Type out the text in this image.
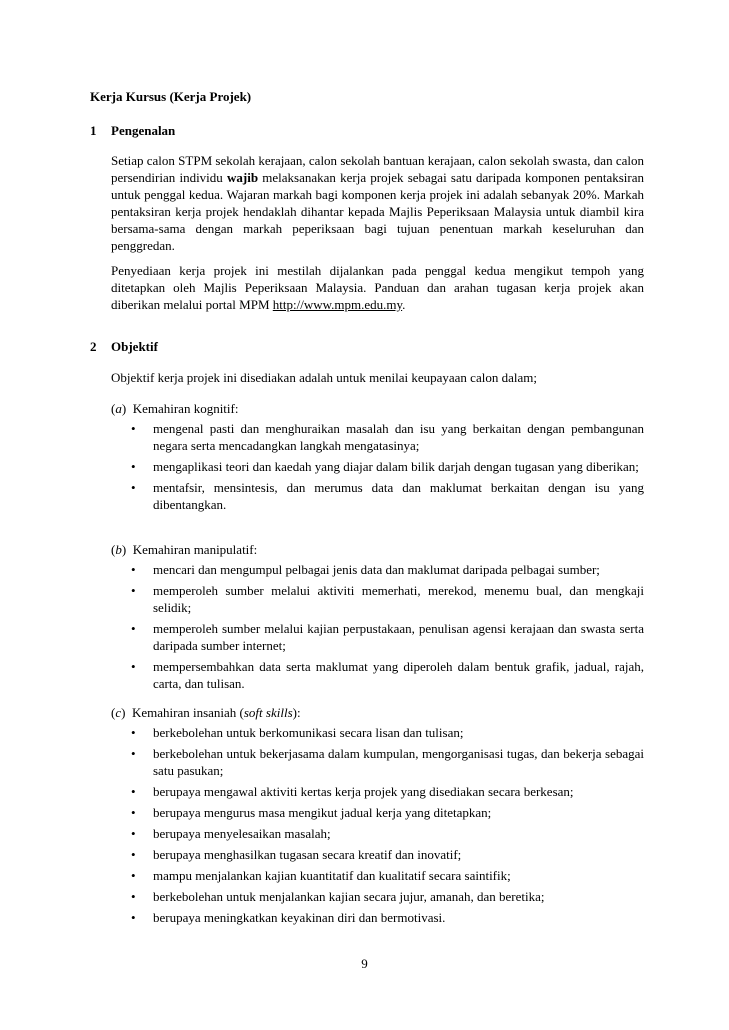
Kerja Kursus (Kerja Projek)
1 Pengenalan

Setiap calon STPM sekolah kerajaan, calon sekolah bantuan kerajaan, calon sekolah swasta, dan calon persendirian individu wajib melaksanakan kerja projek sebagai satu daripada komponen pentaksiran untuk penggal kedua. Wajaran markah bagi komponen kerja projek ini adalah sebanyak 20%. Markah pentaksiran kerja projek hendaklah dihantar kepada Majlis Peperiksaan Malaysia untuk diambil kira bersama-sama dengan markah peperiksaan bagi tujuan penentuan markah keseluruhan dan penggredan.

Penyediaan kerja projek ini mestilah dijalankan pada penggal kedua mengikut tempoh yang ditetapkan oleh Majlis Peperiksaan Malaysia. Panduan dan arahan tugasan kerja projek akan diberikan melalui portal MPM http://www.mpm.edu.my.

2 Objektif

Objektif kerja projek ini disediakan adalah untuk menilai keupayaan calon dalam;

(a)  Kemahiran kognitif:
• mengenal pasti dan menghuraikan masalah dan isu yang berkaitan dengan pembangunan negara serta mencadangkan langkah mengatasinya;
• mengaplikasi teori dan kaedah yang diajar dalam bilik darjah dengan tugasan yang diberikan;
• mentafsir, mensintesis, dan merumus data dan maklumat berkaitan dengan isu yang dibentangkan.
(b)  Kemahiran manipulatif:
• mencari dan mengumpul pelbagai jenis data dan maklumat daripada pelbagai sumber;
• memperoleh sumber melalui aktiviti memerhati, merekod, menemu bual, dan mengkaji selidik;
• memperoleh sumber melalui kajian perpustakaan, penulisan agensi kerajaan dan swasta serta daripada sumber internet;
• mempersembahkan data serta maklumat yang diperoleh dalam bentuk grafik, jadual, rajah, carta, dan tulisan.
(c)  Kemahiran insaniah (soft skills):
• berkebolehan untuk berkomunikasi secara lisan dan tulisan;
• berkebolehan untuk bekerjasama dalam kumpulan, mengorganisasi tugas, dan bekerja sebagai satu pasukan;
• berupaya mengawal aktiviti kertas kerja projek yang disediakan secara berkesan;
• berupaya mengurus masa mengikut jadual kerja yang ditetapkan;
• berupaya menyelesaikan masalah;
• berupaya menghasilkan tugasan secara kreatif dan inovatif;
• mampu menjalankan kajian kuantitatif dan kualitatif secara saintifik;
• berkebolehan untuk menjalankan kajian secara jujur, amanah, dan beretika;
• berupaya meningkatkan keyakinan diri dan bermotivasi.
9
